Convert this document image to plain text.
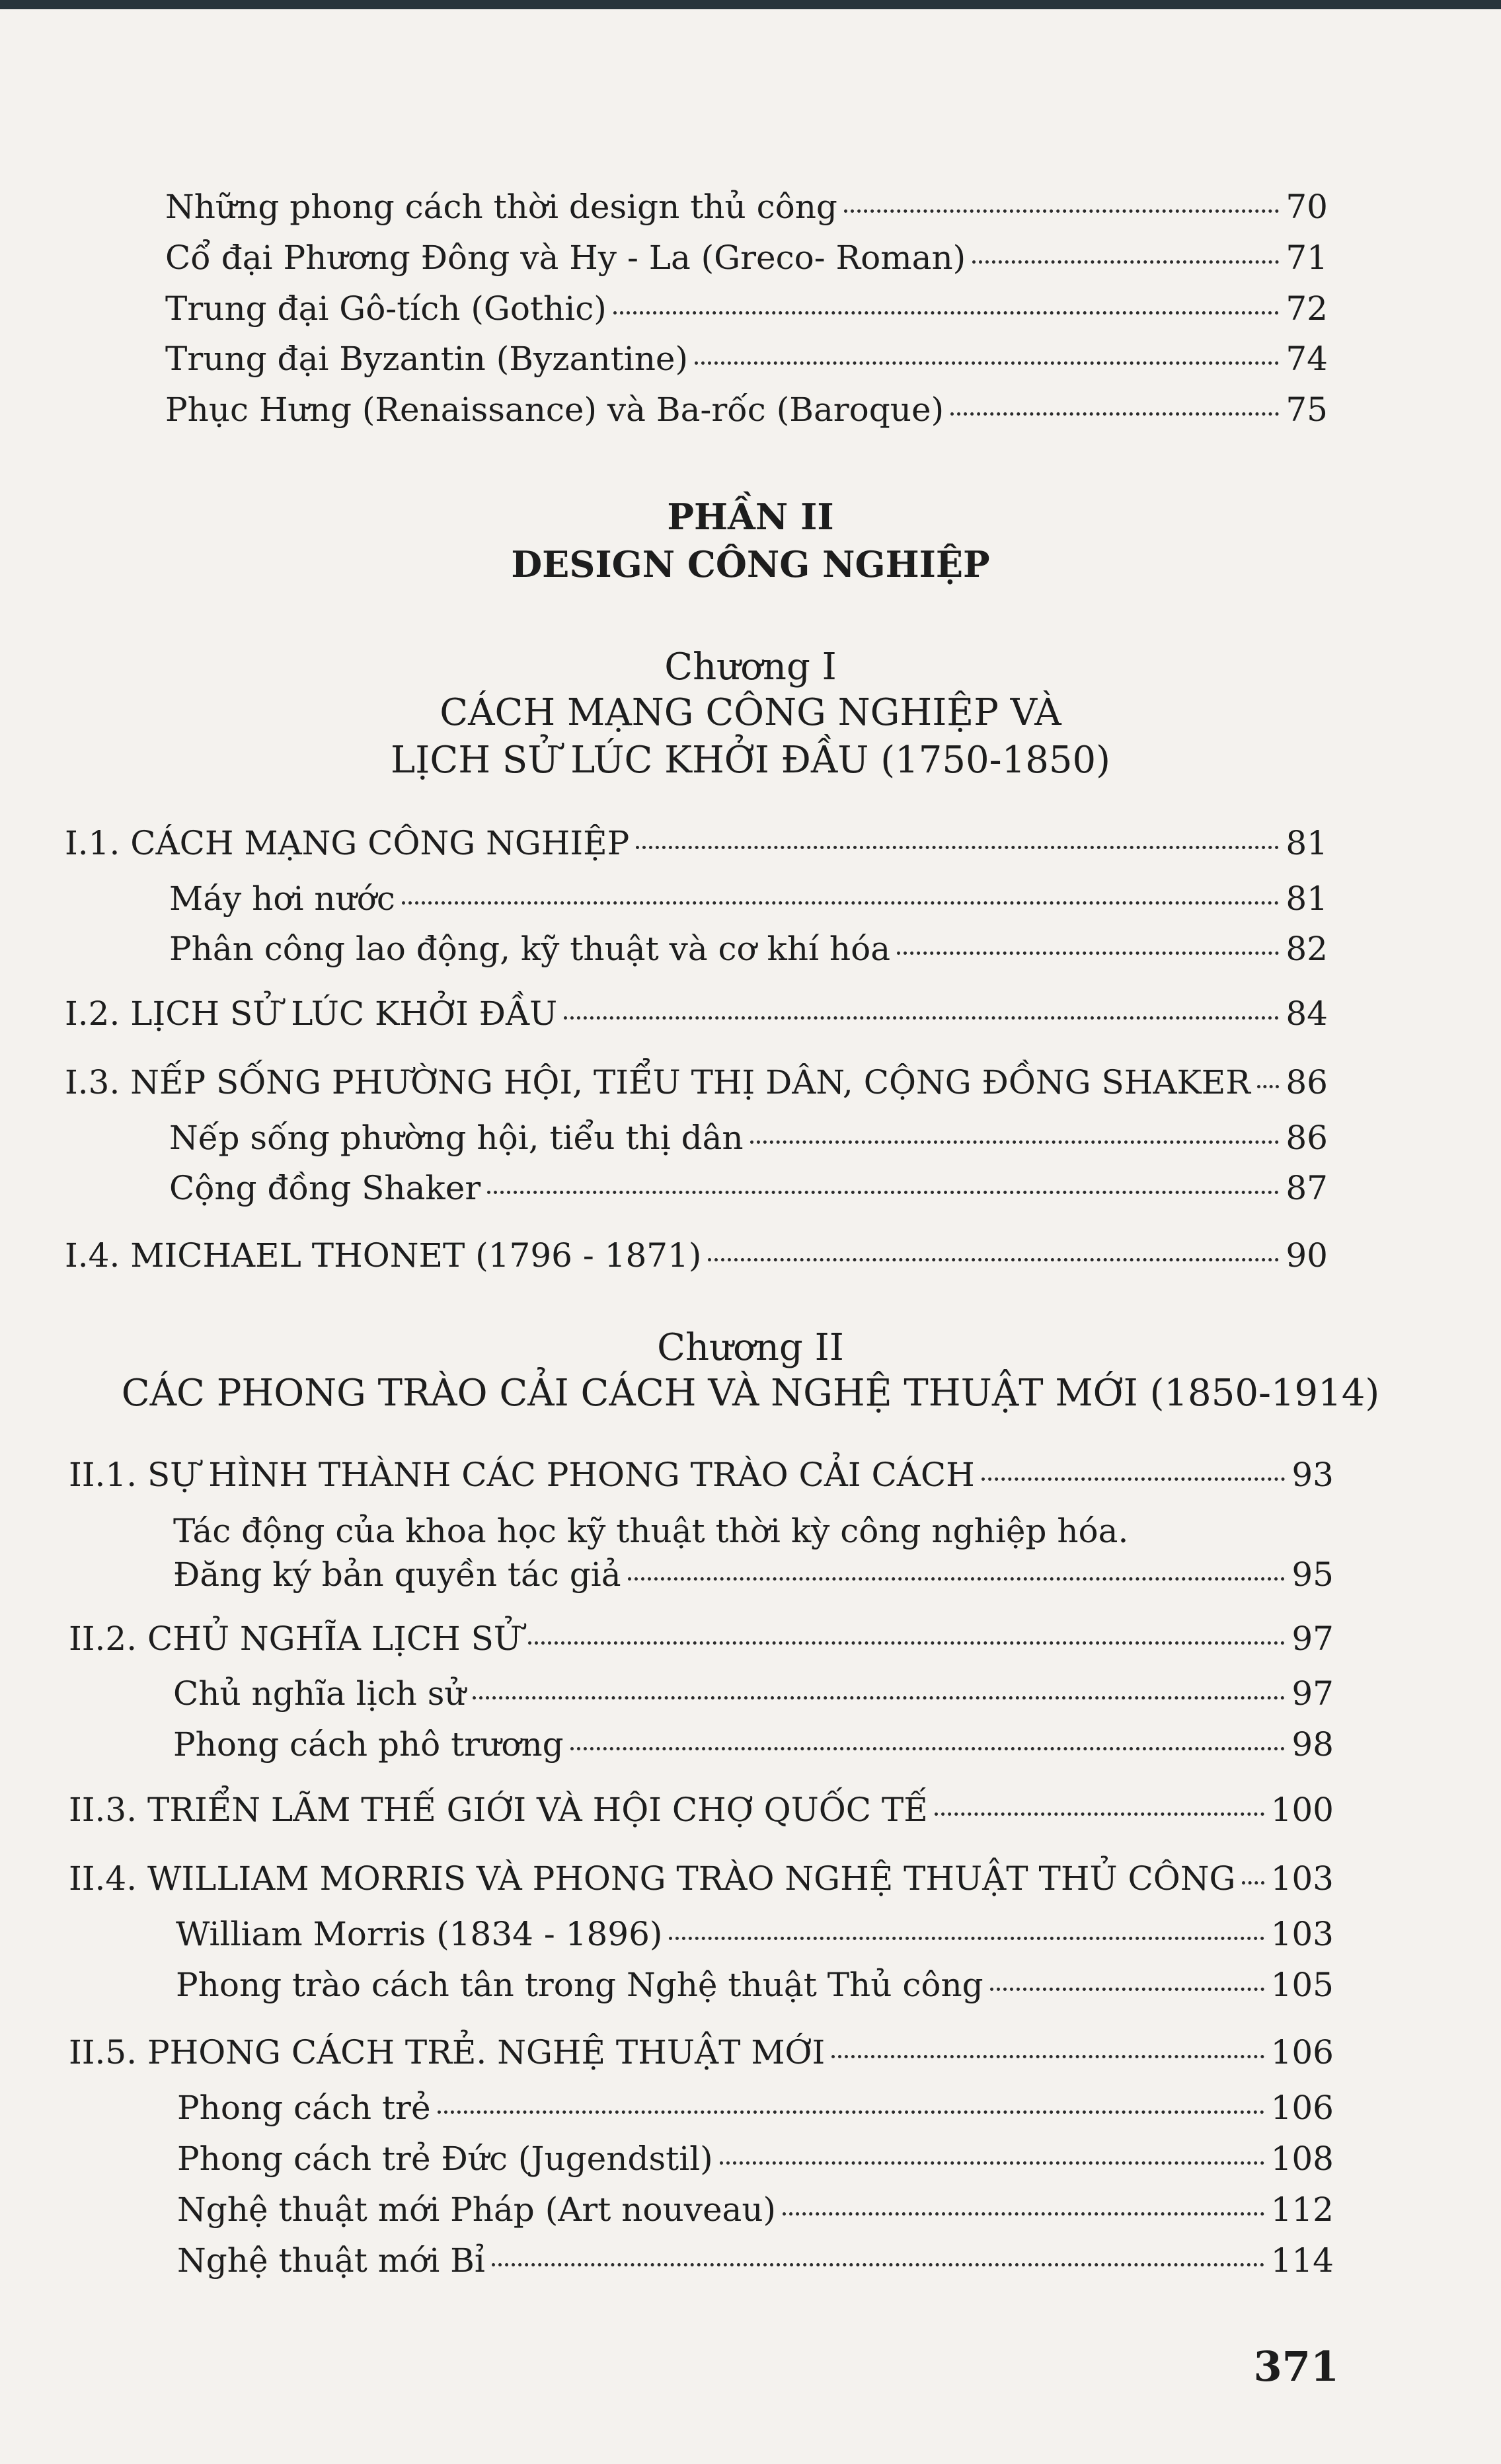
Những phong cách thời design thủ công	70
Cổ đại Phương Đông và Hy - La (Greco- Roman)	71
Trung đại Gô-tích (Gothic)	72
Trung đại Byzantin (Byzantine)	74
Phục Hưng (Renaissance) và Ba-rốc (Baroque)	75
PHẦN II
DESIGN CÔNG NGHIỆP
Chương I
CÁCH MẠNG CÔNG NGHIỆP VÀ
LỊCH SỬ LÚC KHỞI ĐẦU (1750-1850)
I.1. CÁCH MẠNG CÔNG NGHIỆP	81
Máy hơi nước	81
Phân công lao động, kỹ thuật và cơ khí hóa	82
I.2. LỊCH SỬ LÚC KHỞI ĐẦU	84
I.3. NẾP SỐNG PHƯỜNG HỘI, TIỂU THỊ DÂN, CỘNG ĐỒNG SHAKER 86
Nếp sống phường hội, tiểu thị dân	86
Cộng đồng Shaker	87
I.4. MICHAEL THONET (1796 - 1871)	90
Chương II
CÁC PHONG TRÀO CẢI CÁCH VÀ NGHỆ THUẬT MỚI (1850-1914)
II.1. SỰ HÌNH THÀNH CÁC PHONG TRÀO CẢI CÁCH	93
Tác động của khoa học kỹ thuật thời kỳ công nghiệp hóa.
Đăng ký bản quyền tác giả	95
II.2. CHỦ NGHĨA LỊCH SỬ	97
Chủ nghĩa lịch sử	97
Phong cách phô trương	98
II.3. TRIỂN LÃM THẾ GIỚI VÀ HỘI CHỢ QUỐC TẾ	100
II.4. WILLIAM MORRIS VÀ PHONG TRÀO NGHỆ THUẬT THỦ CÔNG 103
William Morris (1834 - 1896)	103
Phong trào cách tân trong Nghệ thuật Thủ công	105
II.5. PHONG CÁCH TRẺ. NGHỆ THUẬT MỚI	106
Phong cách trẻ	106
Phong cách trẻ Đức (Jugendstil)	108
Nghệ thuật mới Pháp (Art nouveau)	112
Nghệ thuật mới Bỉ	114
371
